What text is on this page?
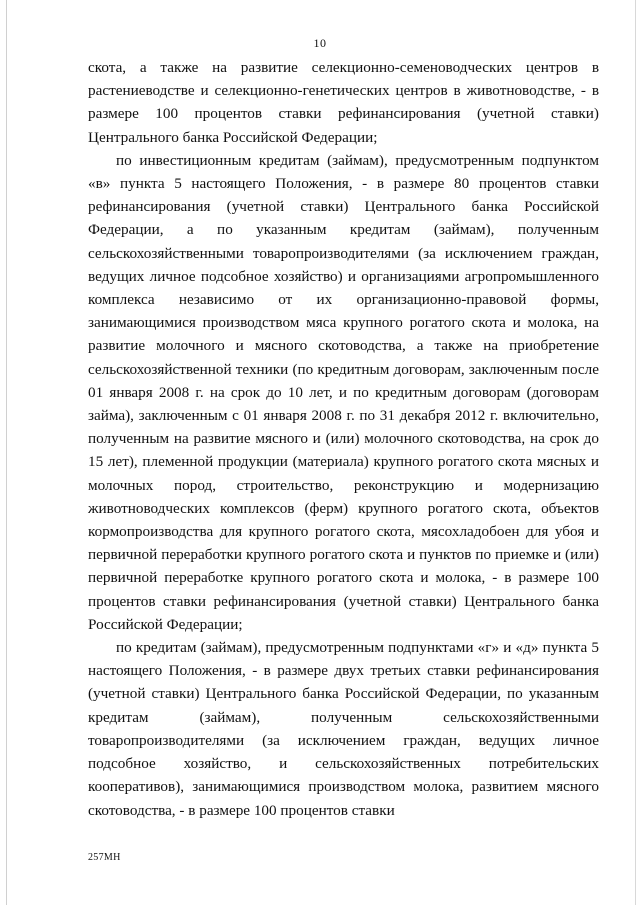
10

скота, а также на развитие селекционно-семеноводческих центров в растениеводстве и селекционно-генетических центров в животноводстве, - в размере 100 процентов ставки рефинансирования (учетной ставки) Центрального банка Российской Федерации;

по инвестиционным кредитам (займам), предусмотренным подпунктом «в» пункта 5 настоящего Положения, - в размере 80 процентов ставки рефинансирования (учетной ставки) Центрального банка Российской Федерации, а по указанным кредитам (займам), полученным сельскохозяйственными товаропроизводителями (за исключением граждан, ведущих личное подсобное хозяйство) и организациями агропромышленного комплекса независимо от их организационно-правовой формы, занимающимися производством мяса крупного рогатого скота и молока, на развитие молочного и мясного скотоводства, а также на приобретение сельскохозяйственной техники (по кредитным договорам, заключенным после 01 января 2008 г. на срок до 10 лет, и по кредитным договорам (договорам займа), заключенным с 01 января 2008 г. по 31 декабря 2012 г. включительно, полученным на развитие мясного и (или) молочного скотоводства, на срок до 15 лет), племенной продукции (материала) крупного рогатого скота мясных и молочных пород, строительство, реконструкцию и модернизацию животноводческих комплексов (ферм) крупного рогатого скота, объектов кормопроизводства для крупного рогатого скота, мясохладобоен для убоя и первичной переработки крупного рогатого скота и пунктов по приемке и (или) первичной переработке крупного рогатого скота и молока, - в размере 100 процентов ставки рефинансирования (учетной ставки) Центрального банка Российской Федерации;

по кредитам (займам), предусмотренным подпунктами «г» и «д» пункта 5 настоящего Положения, - в размере двух третьих ставки рефинансирования (учетной ставки) Центрального банка Российской Федерации, по указанным кредитам (займам), полученным сельскохозяйственными товаропроизводителями (за исключением граждан, ведущих личное подсобное хозяйство, и сельскохозяйственных потребительских кооперативов), занимающимися производством молока, развитием мясного скотоводства, - в размере 100 процентов ставки

257МН
